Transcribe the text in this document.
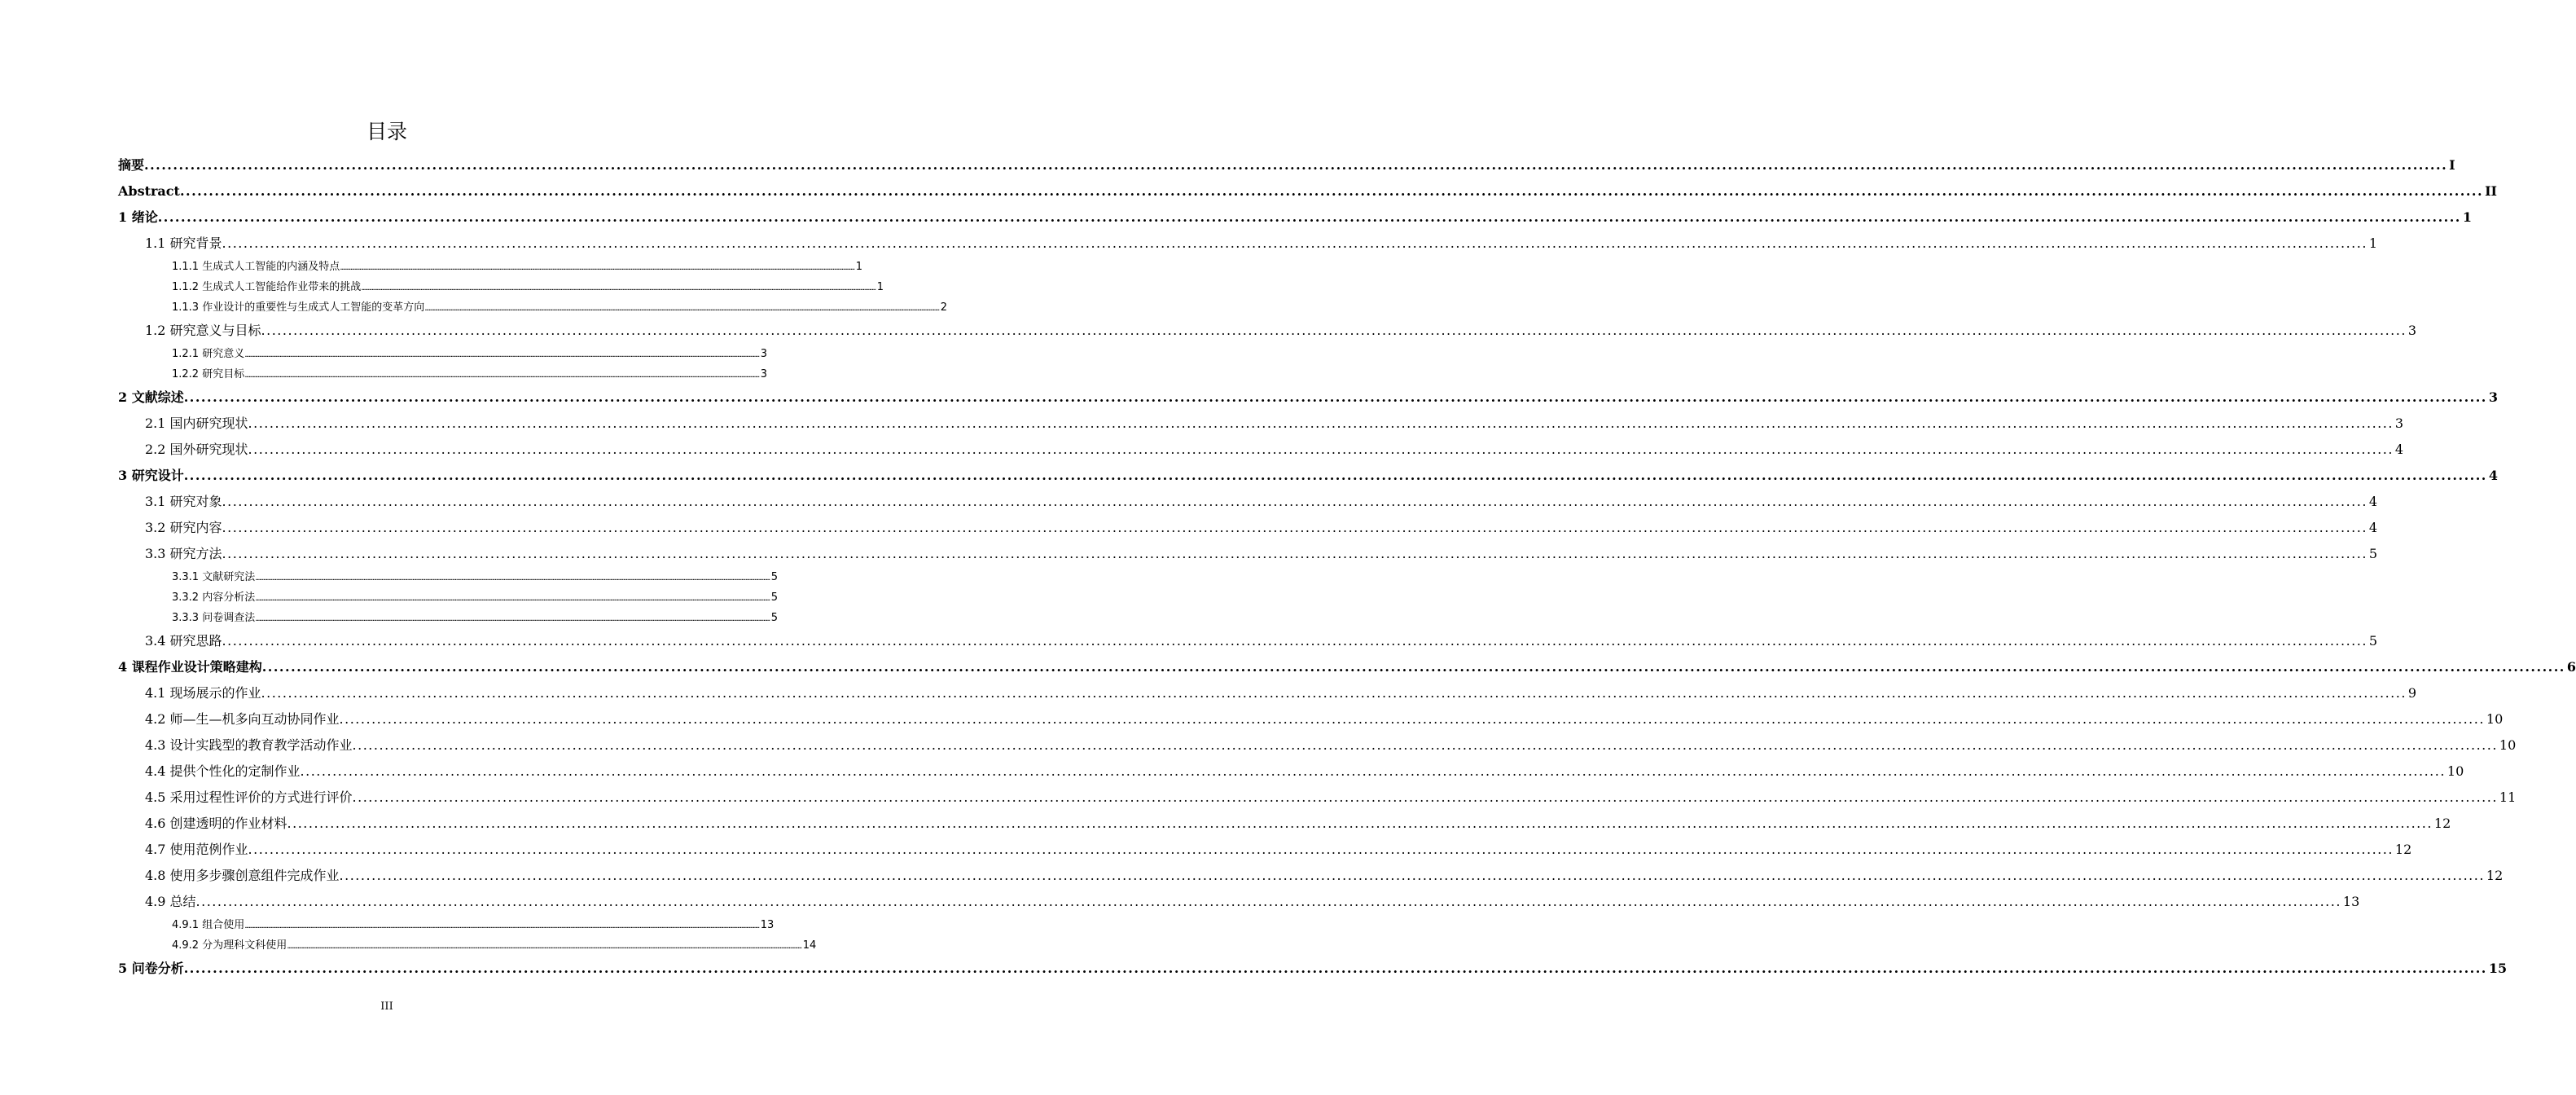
目录
摘要 ................................................................................................................................................................................................................................................................................................................................................................................................................ I
Abstract ................................................................................................................................................................................................................................................................................................................................................................................................................ II
1 绪论 ................................................................................................................................................................................................................................................................................................................................................................................................................ 1
1.1 研究背景 ................................................................................................................................................................................................................................................................................................................................................................................................................ 1
1.1.1 生成式人工智能的内涵及特点 ................................................................................................................................................................................................................................................................................................................................................................................................................ 1
1.1.2 生成式人工智能给作业带来的挑战 ................................................................................................................................................................................................................................................................................................................................................................................................................ 1
1.1.3 作业设计的重要性与生成式人工智能的变革方向 ................................................................................................................................................................................................................................................................................................................................................................................................................ 2
1.2 研究意义与目标 ................................................................................................................................................................................................................................................................................................................................................................................................................ 3
1.2.1 研究意义 ................................................................................................................................................................................................................................................................................................................................................................................................................ 3
1.2.2 研究目标 ................................................................................................................................................................................................................................................................................................................................................................................................................ 3
2 文献综述 ................................................................................................................................................................................................................................................................................................................................................................................................................ 3
2.1 国内研究现状 ................................................................................................................................................................................................................................................................................................................................................................................................................ 3
2.2 国外研究现状 ................................................................................................................................................................................................................................................................................................................................................................................................................ 4
3 研究设计 ................................................................................................................................................................................................................................................................................................................................................................................................................ 4
3.1 研究对象 ................................................................................................................................................................................................................................................................................................................................................................................................................ 4
3.2 研究内容 ................................................................................................................................................................................................................................................................................................................................................................................................................ 4
3.3 研究方法 ................................................................................................................................................................................................................................................................................................................................................................................................................ 5
3.3.1 文献研究法 ................................................................................................................................................................................................................................................................................................................................................................................................................ 5
3.3.2 内容分析法 ................................................................................................................................................................................................................................................................................................................................................................................................................ 5
3.3.3 问卷调查法 ................................................................................................................................................................................................................................................................................................................................................................................................................ 5
3.4 研究思路 ................................................................................................................................................................................................................................................................................................................................................................................................................ 5
4 课程作业设计策略建构 ................................................................................................................................................................................................................................................................................................................................................................................................................ 6
4.1 现场展示的作业 ................................................................................................................................................................................................................................................................................................................................................................................................................ 9
4.2 师—生—机多向互动协同作业 ................................................................................................................................................................................................................................................................................................................................................................................................................ 10
4.3 设计实践型的教育教学活动作业 ................................................................................................................................................................................................................................................................................................................................................................................................................ 10
4.4 提供个性化的定制作业 ................................................................................................................................................................................................................................................................................................................................................................................................................ 10
4.5 采用过程性评价的方式进行评价 ................................................................................................................................................................................................................................................................................................................................................................................................................ 11
4.6 创建透明的作业材料 ................................................................................................................................................................................................................................................................................................................................................................................................................ 12
4.7 使用范例作业 ................................................................................................................................................................................................................................................................................................................................................................................................................ 12
4.8 使用多步骤创意组件完成作业 ................................................................................................................................................................................................................................................................................................................................................................................................................ 12
4.9 总结 ................................................................................................................................................................................................................................................................................................................................................................................................................ 13
4.9.1 组合使用 ................................................................................................................................................................................................................................................................................................................................................................................................................ 13
4.9.2 分为理科文科使用 ................................................................................................................................................................................................................................................................................................................................................................................................................ 14
5 问卷分析 ................................................................................................................................................................................................................................................................................................................................................................................................................ 15
III
